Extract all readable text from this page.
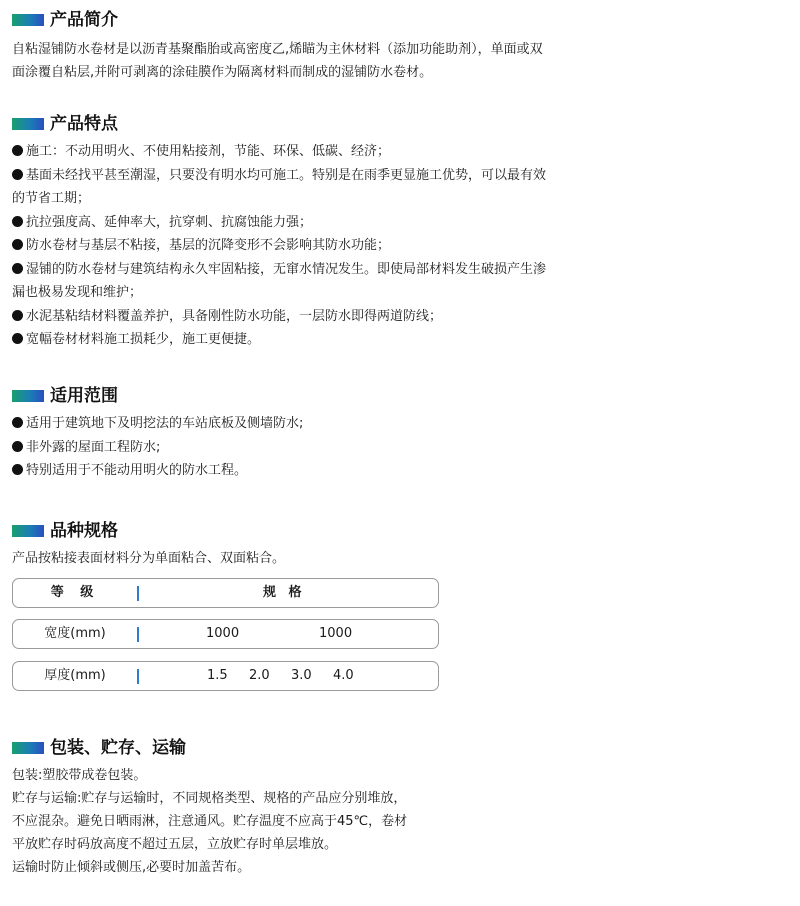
产品简介

自粘湿铺防水卷材是以沥青基聚酯胎或高密度乙,烯瞄为主休材料（添加功能助剂），单面或双面涂覆自粘层,并附可剥离的涂硅膜作为隔离材料而制成的湿铺防水卷材。

产品特点
施工：不动用明火、不使用粘接剂，节能、环保、低碳、经济；
基面未经找平甚至潮湿，只要没有明水均可施工。特别是在雨季更显施工优势，可以最有效的节省工期；
抗拉强度高、延伸率大，抗穿刺、抗腐蚀能力强；
防水卷材与基层不粘接，基层的沉降变形不会影响其防水功能；
湿铺的防水卷材与建筑结构永久牢固粘接，无窜水情况发生。即使局部材料发生破损产生渗漏也极易发现和维护；
水泥基粘结材料覆盖养护，具备刚性防水功能，一层防水即得两道防线；
宽幅卷材材料施工损耗少，施工更便捷。
适用范围
适用于建筑地下及明挖法的车站底板及侧墙防水;
非外露的屋面工程防水;
特别适用于不能动用明火的防水工程。
品种规格

产品按粘接表面材料分为单面粘合、双面粘合。

等 级	规 格
宽度(mm)	1000	1000
厚度(mm)	1.5 2.0 3.0 4.0
包装、贮存、运输

包装:塑胶带成卷包装。

贮存与运输:贮存与运输时，不同规格类型、规格的产品应分别堆放，

不应混杂。避免日晒雨淋，注意通风。贮存温度不应高于45℃，卷材

平放贮存时码放高度不超过五层，立放贮存时单层堆放。

运输时防止倾斜或侧压,必要时加盖苦布。
